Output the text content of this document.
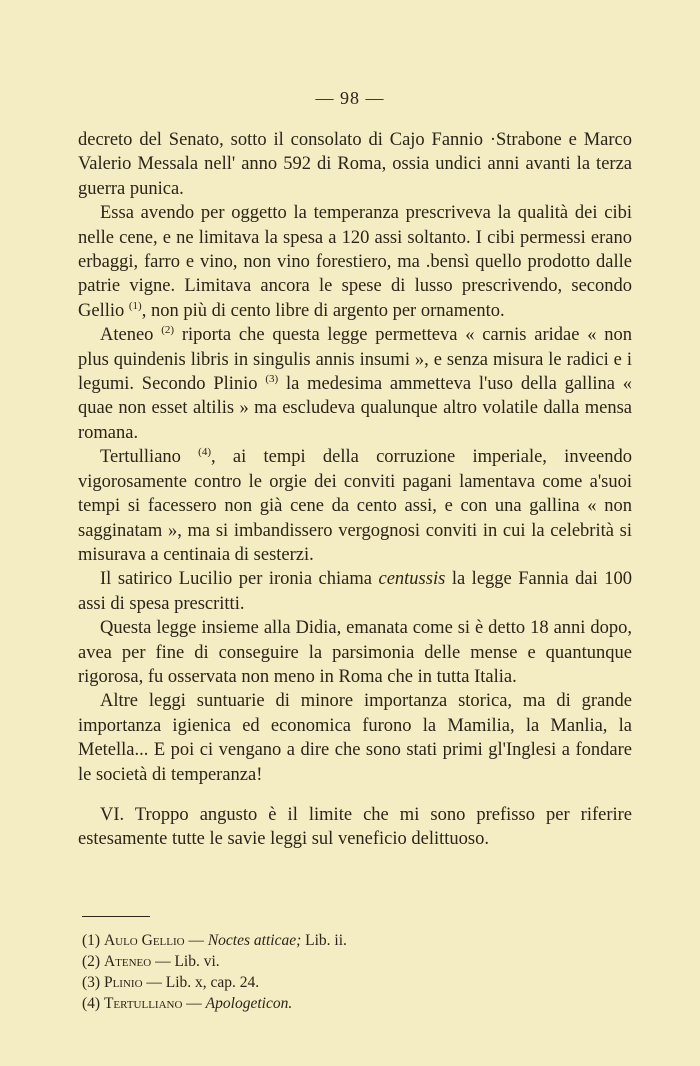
— 98 —

decreto del Senato, sotto il consolato di Cajo Fannio ·Strabone e Marco Valerio Messala nell' anno 592 di Roma, ossia undici anni avanti la terza guerra punica.

Essa avendo per oggetto la temperanza prescriveva la qualità dei cibi nelle cene, e ne limitava la spesa a 120 assi soltanto. I cibi permessi erano erbaggi, farro e vino, non vino forestiero, ma .bensì quello prodotto dalle patrie vigne. Limitava ancora le spese di lusso prescrivendo, secondo Gellio $^{(1)}$, non più di cento libre di argento per ornamento.

Ateneo $^{(2)}$ riporta che questa legge permetteva « carnis aridae « non plus quindenis libris in singulis annis insumi », e senza misura le radici e i legumi. Secondo Plinio $^{(3)}$ la medesima ammetteva l'uso della gallina « quae non esset altilis » ma escludeva qualunque altro volatile dalla mensa romana.

Tertulliano $^{(4)}$, ai tempi della corruzione imperiale, inveendo vigorosamente contro le orgie dei conviti pagani lamentava come a'suoi tempi si facessero non già cene da cento assi, e con una gallina « non sagginatam », ma si imbandissero vergognosi conviti in cui la celebrità si misurava a centinaia di sesterzi.

Il satirico Lucilio per ironia chiama centussis la legge Fannia dai 100 assi di spesa prescritti.

Questa legge insieme alla Didia, emanata come si è detto 18 anni dopo, avea per fine di conseguire la parsimonia delle mense e quantunque rigorosa, fu osservata non meno in Roma che in tutta Italia.

Altre leggi suntuarie di minore importanza storica, ma di grande importanza igienica ed economica furono la Mamilia, la Manlia, la Metella... E poi ci vengano a dire che sono stati primi gl'Inglesi a fondare le società di temperanza!

VI. Troppo angusto è il limite che mi sono prefisso per riferire estesamente tutte le savie leggi sul veneficio delittuoso.

(1) Aulo Gellio — Noctes atticae; Lib. ii.
(2) Ateneo — Lib. vi.
(3) Plinio — Lib. x, cap. 24.
(4) Tertulliano — Apologeticon.
